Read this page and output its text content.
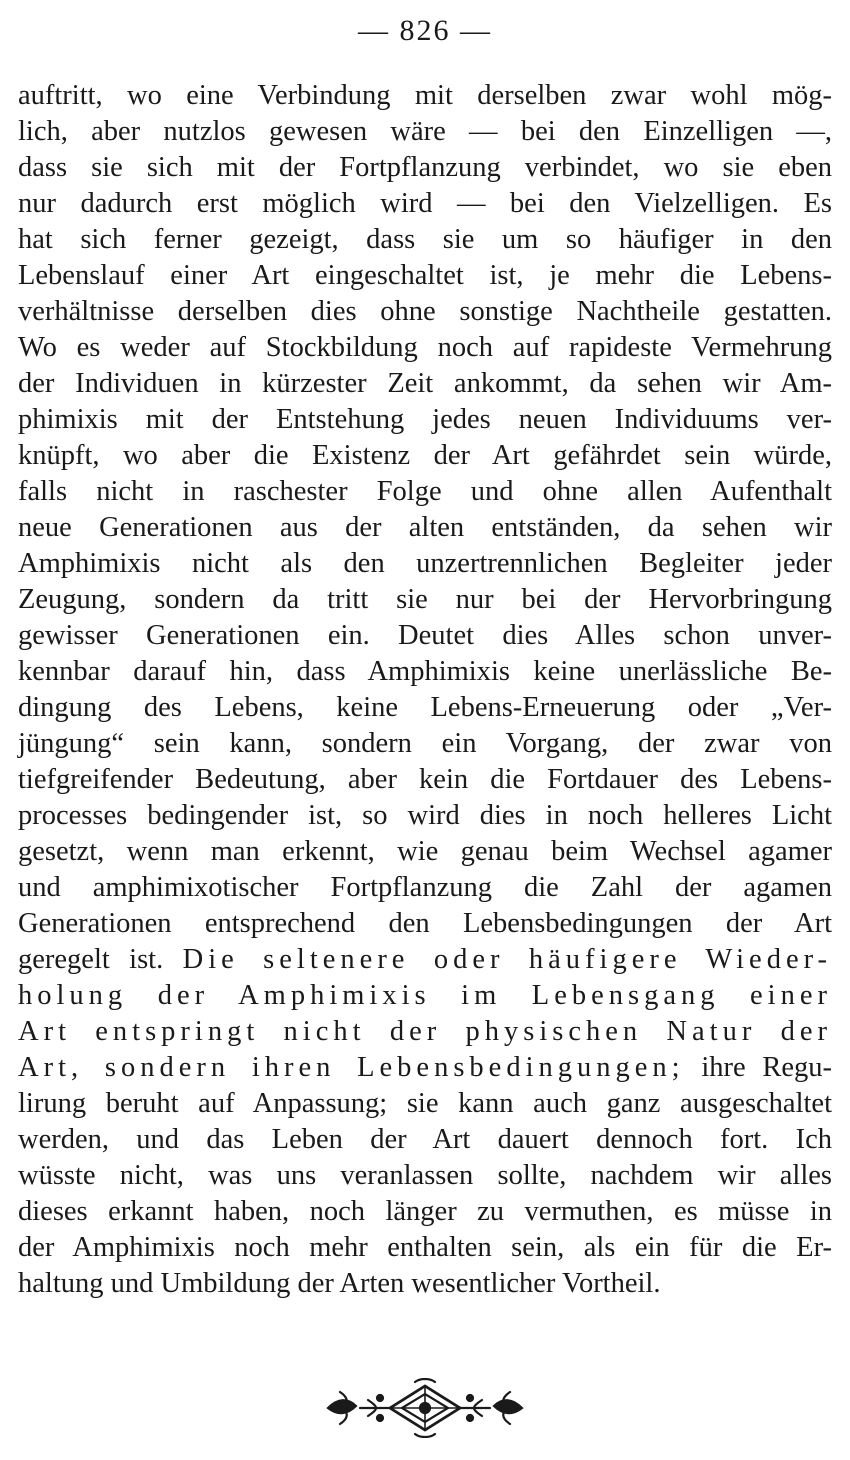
— 826 —
auftritt, wo eine Verbindung mit derselben zwar wohl mög-
lich, aber nutzlos gewesen wäre — bei den Einzelligen —,
dass sie sich mit der Fortpflanzung verbindet, wo sie eben
nur dadurch erst möglich wird — bei den Vielzelligen. Es
hat sich ferner gezeigt, dass sie um so häufiger in den
Lebenslauf einer Art eingeschaltet ist, je mehr die Lebens-
verhältnisse derselben dies ohne sonstige Nachtheile gestatten.
Wo es weder auf Stockbildung noch auf rapideste Vermehrung
der Individuen in kürzester Zeit ankommt, da sehen wir Am-
phimixis mit der Entstehung jedes neuen Individuums ver-
knüpft, wo aber die Existenz der Art gefährdet sein würde,
falls nicht in raschester Folge und ohne allen Aufenthalt
neue Generationen aus der alten entständen, da sehen wir
Amphimixis nicht als den unzertrennlichen Begleiter jeder
Zeugung, sondern da tritt sie nur bei der Hervorbringung
gewisser Generationen ein. Deutet dies Alles schon unver-
kennbar darauf hin, dass Amphimixis keine unerlässliche Be-
dingung des Lebens, keine Lebens-Erneuerung oder „Ver-
jüngung“ sein kann, sondern ein Vorgang, der zwar von
tiefgreifender Bedeutung, aber kein die Fortdauer des Lebens-
processes bedingender ist, so wird dies in noch helleres Licht
gesetzt, wenn man erkennt, wie genau beim Wechsel agamer
und amphimixotischer Fortpflanzung die Zahl der agamen
Generationen entsprechend den Lebensbedingungen der Art
geregelt ist. Die seltenere oder häufigere Wieder-
holung der Amphimixis im Lebensgang einer
Art entspringt nicht der physischen Natur der
Art, sondern ihren Lebensbedingungen; ihre Regu-
lirung beruht auf Anpassung; sie kann auch ganz ausgeschaltet
werden, und das Leben der Art dauert dennoch fort. Ich
wüsste nicht, was uns veranlassen sollte, nachdem wir alles
dieses erkannt haben, noch länger zu vermuthen, es müsse in
der Amphimixis noch mehr enthalten sein, als ein für die Er-
haltung und Umbildung der Arten wesentlicher Vortheil.
